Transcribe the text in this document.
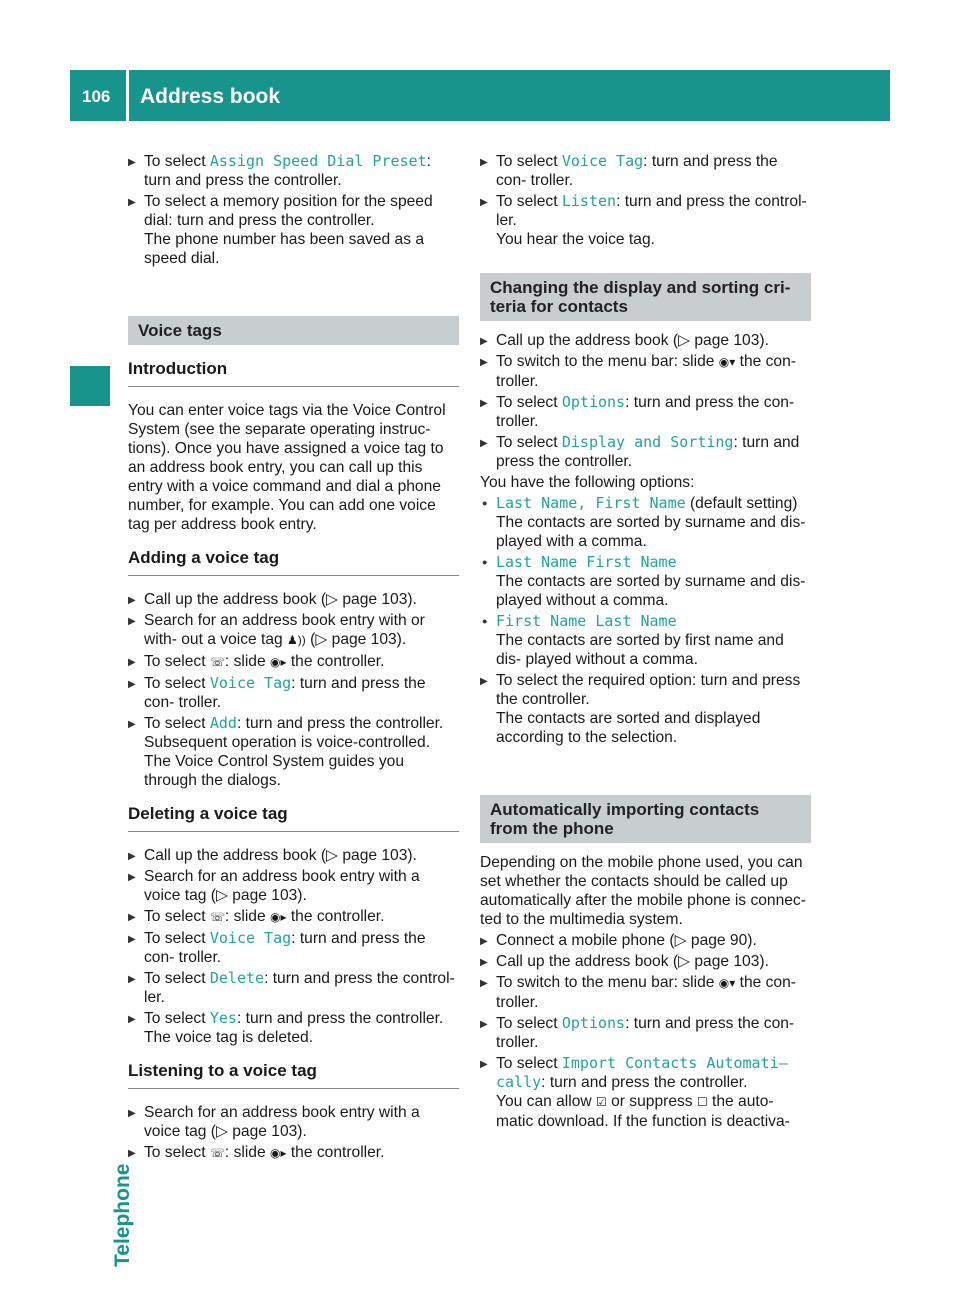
106 Address book
Telephone
▶ To select Assign Speed Dial Preset: turn and press the controller.
▶ To select a memory position for the speed dial: turn and press the controller.
The phone number has been saved as a speed dial.
Voice tags
Introduction
You can enter voice tags via the Voice Control System (see the separate operating instruc- tions). Once you have assigned a voice tag to an address book entry, you can call up this entry with a voice command and dial a phone number, for example. You can add one voice tag per address book entry.
Adding a voice tag
▶ Call up the address book (▷ page 103).
▶ Search for an address book entry with or with- out a voice tag ♟)) (▷ page 103).
▶ To select ☏: slide ◉▸ the controller.
▶ To select Voice Tag: turn and press the con- troller.
▶ To select Add: turn and press the controller.
Subsequent operation is voice-controlled.
The Voice Control System guides you through the dialogs.
Deleting a voice tag
▶ Call up the address book (▷ page 103).
▶ Search for an address book entry with a voice tag (▷ page 103).
▶ To select ☏: slide ◉▸ the controller.
▶ To select Voice Tag: turn and press the con- troller.
▶ To select Delete: turn and press the control- ler.
▶ To select Yes: turn and press the controller.
The voice tag is deleted.
Listening to a voice tag
▶ Search for an address book entry with a voice tag (▷ page 103).
▶ To select ☏: slide ◉▸ the controller.
▶ To select Voice Tag: turn and press the con- troller.
▶ To select Listen: turn and press the control- ler.
You hear the voice tag.
Changing the display and sorting cri- teria for contacts
▶ Call up the address book (▷ page 103).
▶ To switch to the menu bar: slide ◉▾ the con- troller.
▶ To select Options: turn and press the con- troller.
▶ To select Display and Sorting: turn and press the controller.
You have the following options:
● Last Name, First Name (default setting)
The contacts are sorted by surname and dis- played with a comma.
● Last Name First Name
The contacts are sorted by surname and dis- played without a comma.
● First Name Last Name
The contacts are sorted by first name and dis- played without a comma.
▶ To select the required option: turn and press the controller.
The contacts are sorted and displayed according to the selection.
Automatically importing contacts from the phone
Depending on the mobile phone used, you can set whether the contacts should be called up automatically after the mobile phone is connec- ted to the multimedia system.
▶ Connect a mobile phone (▷ page 90).
▶ Call up the address book (▷ page 103).
▶ To switch to the menu bar: slide ◉▾ the con- troller.
▶ To select Options: turn and press the con- troller.
▶ To select Import Contacts Automati– cally: turn and press the controller.
You can allow ☑ or suppress ☐ the auto- matic download. If the function is deactiva-
